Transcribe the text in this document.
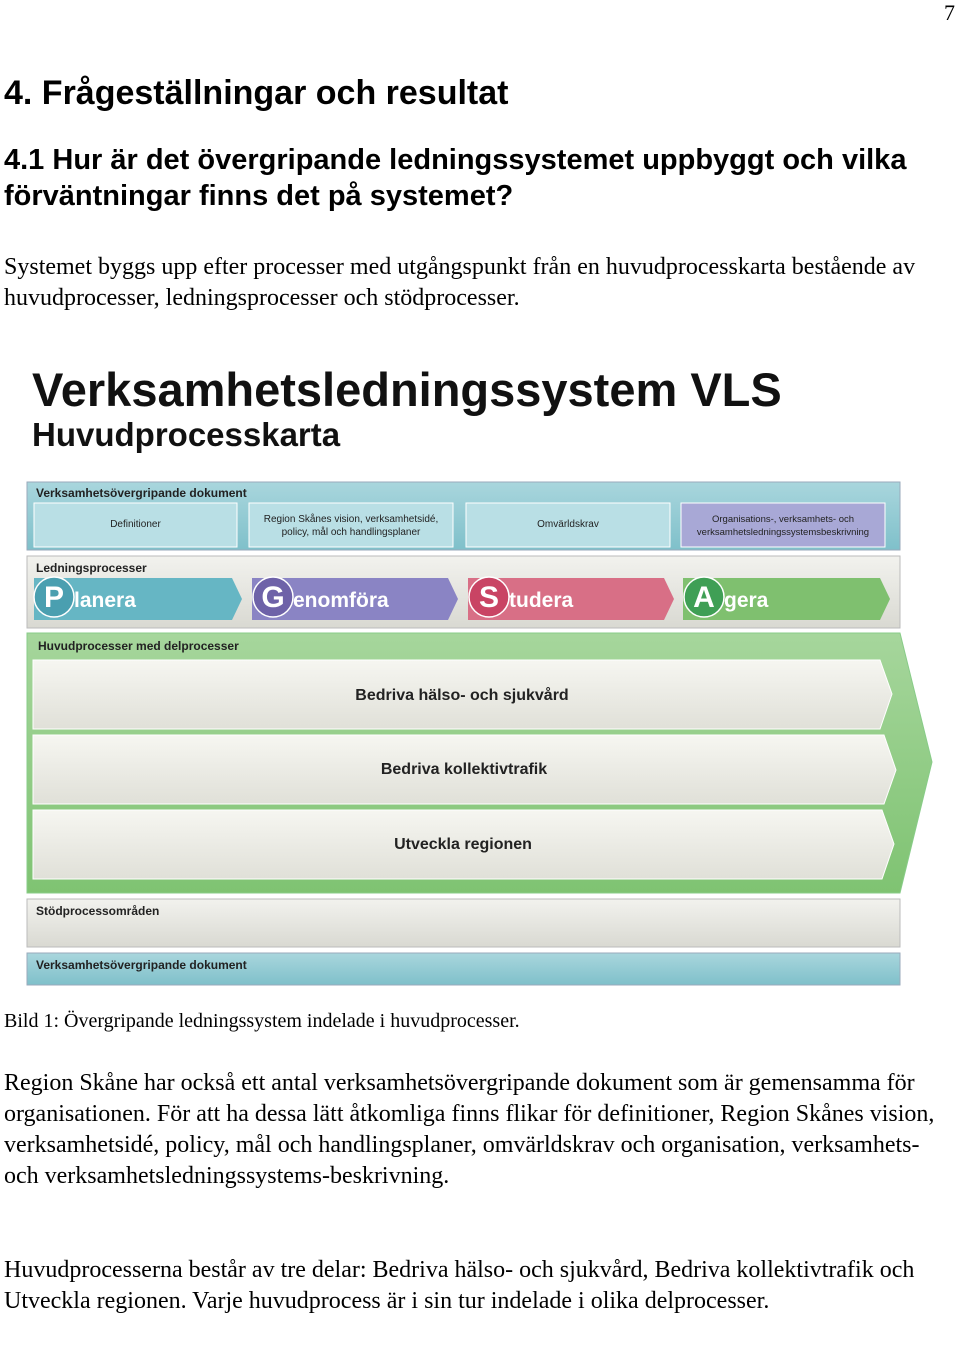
7
4. Frågeställningar och resultat
4.1 Hur är det övergripande ledningssystemet uppbyggt och vilka förväntningar finns det på systemet?

Systemet byggs upp efter processer med utgångspunkt från en huvudprocesskarta bestående av huvudprocesser, ledningsprocesser och stödprocesser.

Verksamhetsledningssystem VLS
Huvudprocesskarta
Verksamhetsövergripande dokument
Definitioner	Region Skånes vision, verksamhetsidé, policy, mål och handlingsplaner
Omvärldskrav	Organisations-, verksamhets- och verksamhetsledningssystemsbeskrivning
Ledningsprocesser
P lanera	G enomföra	S tudera	A gera
Huvudprocesser med delprocesser
Bedriva hälso- och sjukvård
Bedriva kollektivtrafik
Utveckla regionen
Stödprocessområden
Verksamhetsövergripande dokument
Bild 1: Övergripande ledningssystem indelade i huvudprocesser.

Region Skåne har också ett antal verksamhetsövergripande dokument som är gemensamma för organisationen. För att ha dessa lätt åtkomliga finns flikar för definitioner, Region Skånes vision, verksamhetsidé, policy, mål och handlingsplaner, omvärldskrav och organisation, verksamhets- och verksamhetsledningssystems-beskrivning.

Huvudprocesserna består av tre delar: Bedriva hälso- och sjukvård, Bedriva kollektivtrafik och Utveckla regionen. Varje huvudprocess är i sin tur indelade i olika delprocesser.
